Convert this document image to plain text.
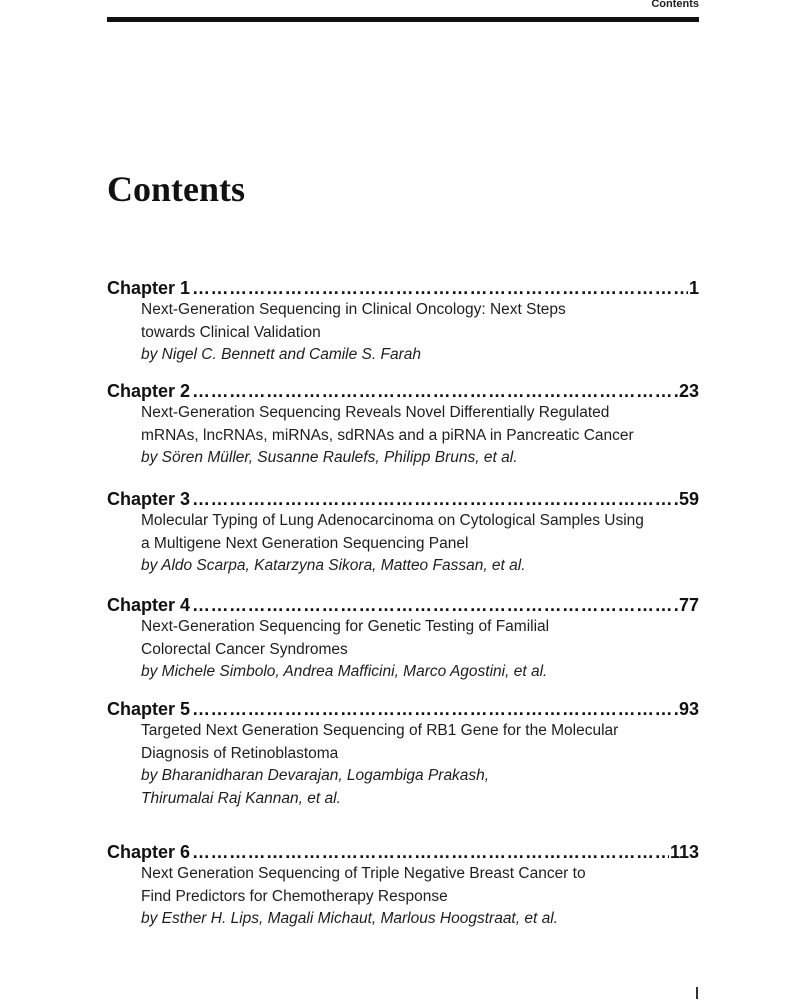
Contents
Contents
Chapter 1 ……………………………………………………………………………………………………………………………………………………………………………………………………	1
Next-Generation Sequencing in Clinical Oncology: Next Steps
towards Clinical Validation
by Nigel C. Bennett and Camile S. Farah
Chapter 2 ……………………………………………………………………………………………………………………………………………………………………………………………………	23
Next-Generation Sequencing Reveals Novel Differentially Regulated
mRNAs, lncRNAs, miRNAs, sdRNAs and a piRNA in Pancreatic Cancer
by Sören Müller, Susanne Raulefs, Philipp Bruns, et al.
Chapter 3 ……………………………………………………………………………………………………………………………………………………………………………………………………	59
Molecular Typing of Lung Adenocarcinoma on Cytological Samples Using
a Multigene Next Generation Sequencing Panel
by Aldo Scarpa, Katarzyna Sikora, Matteo Fassan, et al.
Chapter 4 ……………………………………………………………………………………………………………………………………………………………………………………………………	77
Next-Generation Sequencing for Genetic Testing of Familial
Colorectal Cancer Syndromes
by Michele Simbolo, Andrea Mafficini, Marco Agostini, et al.
Chapter 5 ……………………………………………………………………………………………………………………………………………………………………………………………………	93
Targeted Next Generation Sequencing of RB1 Gene for the Molecular
Diagnosis of Retinoblastoma
by Bharanidharan Devarajan, Logambiga Prakash,
Thirumalai Raj Kannan, et al.
Chapter 6 ……………………………………………………………………………………………………………………………………………………………………………………………………	113
Next Generation Sequencing of Triple Negative Breast Cancer to
Find Predictors for Chemotherapy Response
by Esther H. Lips, Magali Michaut, Marlous Hoogstraat, et al.
